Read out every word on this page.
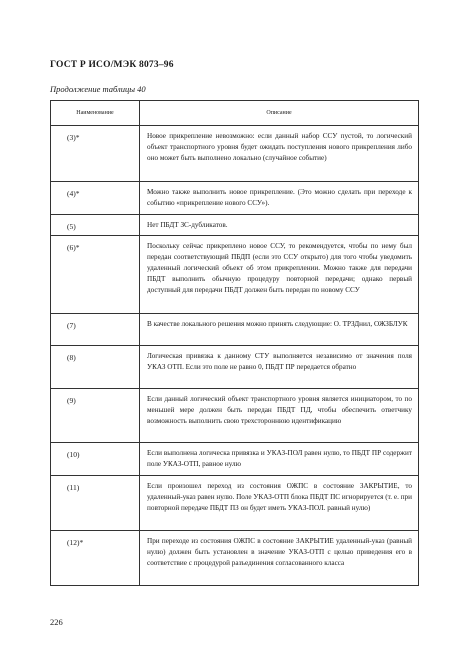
ГОСТ Р ИСО/МЭК 8073–96
Продолжение таблицы 40
Наименование	Описание
(3)*	Новое прикрепление невозможно: если данный набор ССУ пустой, то логический объект транспортного уровня будет ожидать поступления нового прикрепления либо оно может быть выполнено локально (случайное событие)
(4)*	Можно также выполнить новое прикрепление. (Это можно сделать при переходе к событию «прикрепление нового ССУ»).
(5)	Нет ПБДТ ЗС-дубликатов.
(6)*	Поскольку сейчас прикреплено новое ССУ, то рекомендуется, чтобы по нему был передан соответствующий ПБДП (если это ССУ открыто) для того чтобы уведомить удаленный логический объект об этом прикреплении. Можно также для передачи ПБДТ выполнить обычную процедуру повторной передачи; однако первый доступный для передачи ПБДТ должен быть передан по новому ССУ
(7)	В качестве локального решения можно принять следующие: О. ТРЗДнил, ОЖЗБЛУК
(8)	Логическая привязка к данному СТУ выполняется независимо от значения поля УКАЗ ОТП. Если это поле не равно 0, ПБДТ ПР передается обратно
(9)	Если данный логический объект транспортного уровня является инициатором, то по меньшей мере должен быть передан ПБДТ ПД, чтобы обеспечить ответчику возможность выполнить свою трехстороннюю идентификацию
(10)	Если выполнена логическа привязка и УКАЗ-ПОЛ равен нулю, то ПБДТ ПР содержит поле УКАЗ-ОТП, равное нулю
(11)	Если произошел переход из состояния ОЖПС в состояние ЗАКРЫТИЕ, то удаленный-указ равен нулю. Поле УКАЗ-ОТП блока ПБДТ ПС игнорируется (т. е. при повторной передаче ПБДТ ПЗ он будет иметь УКАЗ-ПОЛ. равный нулю)
(12)*	При переходе из состояния ОЖПС в состояние ЗАКРЫТИЕ удаленный-указ (равный нулю) должен быть установлен в значение УКАЗ-ОТП с целью приведения его в соответствие с процедурой разъединения согласованного класса
226
